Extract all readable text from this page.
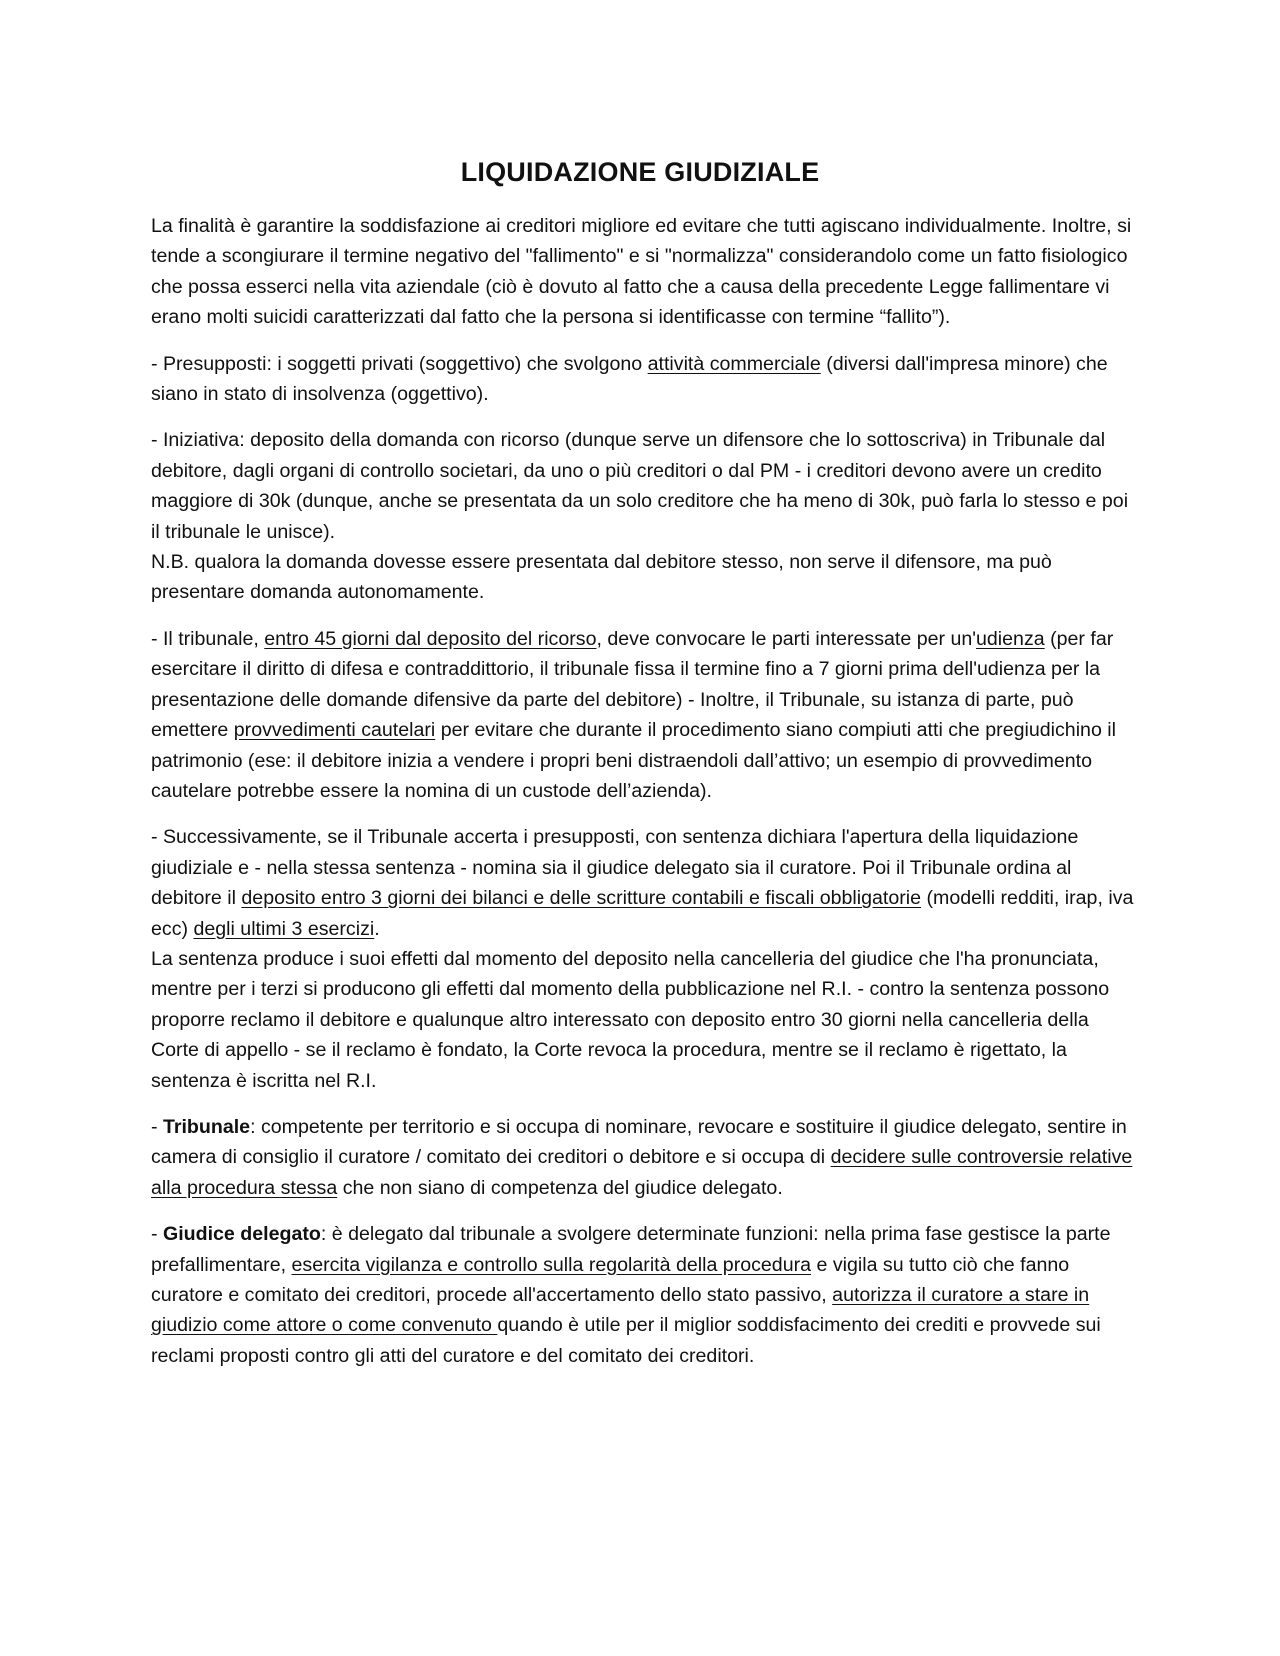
LIQUIDAZIONE GIUDIZIALE

La finalità è garantire la soddisfazione ai creditori migliore ed evitare che tutti agiscano individualmente. Inoltre, si tende a scongiurare il termine negativo del "fallimento" e si "normalizza" considerandolo come un fatto fisiologico che possa esserci nella vita aziendale (ciò è dovuto al fatto che a causa della precedente Legge fallimentare vi erano molti suicidi caratterizzati dal fatto che la persona si identificasse con termine “fallito”).

- Presupposti: i soggetti privati (soggettivo) che svolgono attività commerciale (diversi dall'impresa minore) che siano in stato di insolvenza (oggettivo).

- Iniziativa: deposito della domanda con ricorso (dunque serve un difensore che lo sottoscriva) in Tribunale dal debitore, dagli organi di controllo societari, da uno o più creditori o dal PM - i creditori devono avere un credito maggiore di 30k (dunque, anche se presentata da un solo creditore che ha meno di 30k, può farla lo stesso e poi il tribunale le unisce).
N.B. qualora la domanda dovesse essere presentata dal debitore stesso, non serve il difensore, ma può presentare domanda autonomamente.

- Il tribunale, entro 45 giorni dal deposito del ricorso, deve convocare le parti interessate per un'udienza (per far esercitare il diritto di difesa e contraddittorio, il tribunale fissa il termine fino a 7 giorni prima dell'udienza per la presentazione delle domande difensive da parte del debitore) - Inoltre, il Tribunale, su istanza di parte, può emettere provvedimenti cautelari per evitare che durante il procedimento siano compiuti atti che pregiudichino il patrimonio (ese: il debitore inizia a vendere i propri beni distraendoli dall’attivo; un esempio di provvedimento cautelare potrebbe essere la nomina di un custode dell’azienda).

- Successivamente, se il Tribunale accerta i presupposti, con sentenza dichiara l'apertura della liquidazione giudiziale e - nella stessa sentenza - nomina sia il giudice delegato sia il curatore. Poi il Tribunale ordina al debitore il deposito entro 3 giorni dei bilanci e delle scritture contabili e fiscali obbligatorie (modelli redditi, irap, iva ecc) degli ultimi 3 esercizi.
La sentenza produce i suoi effetti dal momento del deposito nella cancelleria del giudice che l'ha pronunciata, mentre per i terzi si producono gli effetti dal momento della pubblicazione nel R.I. - contro la sentenza possono proporre reclamo il debitore e qualunque altro interessato con deposito entro 30 giorni nella cancelleria della Corte di appello - se il reclamo è fondato, la Corte revoca la procedura, mentre se il reclamo è rigettato, la sentenza è iscritta nel R.I.

- Tribunale: competente per territorio e si occupa di nominare, revocare e sostituire il giudice delegato, sentire in camera di consiglio il curatore / comitato dei creditori o debitore e si occupa di decidere sulle controversie relative alla procedura stessa che non siano di competenza del giudice delegato.

- Giudice delegato: è delegato dal tribunale a svolgere determinate funzioni: nella prima fase gestisce la parte prefallimentare, esercita vigilanza e controllo sulla regolarità della procedura e vigila su tutto ciò che fanno curatore e comitato dei creditori, procede all'accertamento dello stato passivo, autorizza il curatore a stare in giudizio come attore o come convenuto quando è utile per il miglior soddisfacimento dei crediti e provvede sui reclami proposti contro gli atti del curatore e del comitato dei creditori.
